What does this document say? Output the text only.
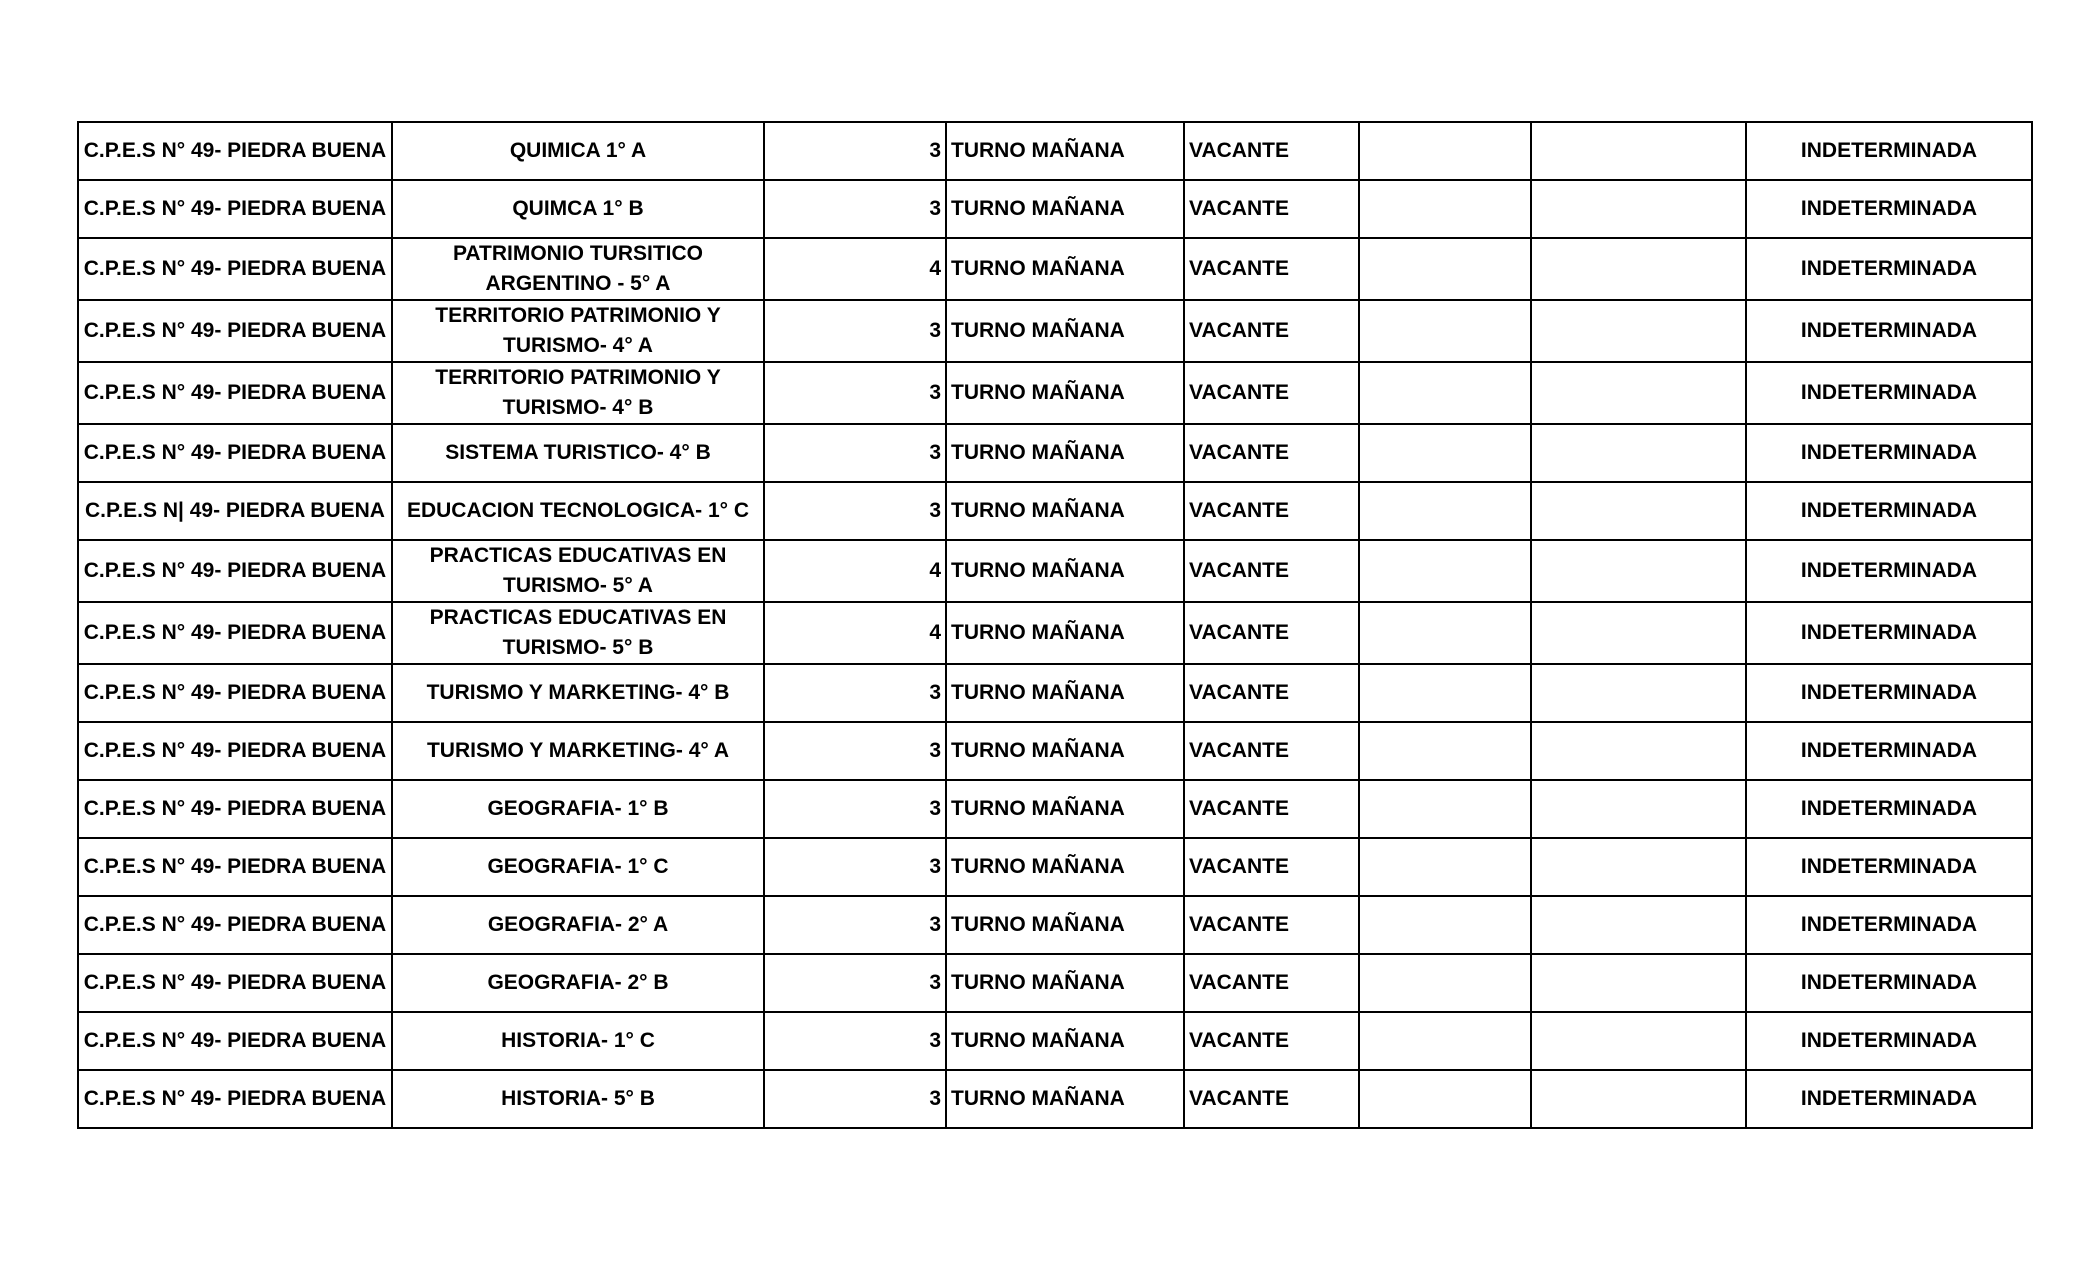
C.P.E.S N° 49- PIEDRA BUENA	QUIMICA 1° A	3	TURNO MAÑANA	VACANTE			INDETERMINADA
C.P.E.S N° 49- PIEDRA BUENA	QUIMCA 1° B	3	TURNO MAÑANA	VACANTE			INDETERMINADA
C.P.E.S N° 49- PIEDRA BUENA	PATRIMONIO TURSITICO ARGENTINO - 5° A	4	TURNO MAÑANA	VACANTE			INDETERMINADA
C.P.E.S N° 49- PIEDRA BUENA	TERRITORIO PATRIMONIO Y TURISMO- 4° A	3	TURNO MAÑANA	VACANTE			INDETERMINADA
C.P.E.S N° 49- PIEDRA BUENA	TERRITORIO PATRIMONIO Y TURISMO- 4° B	3	TURNO MAÑANA	VACANTE			INDETERMINADA
C.P.E.S N° 49- PIEDRA BUENA	SISTEMA TURISTICO- 4° B	3	TURNO MAÑANA	VACANTE			INDETERMINADA
C.P.E.S N| 49- PIEDRA BUENA	EDUCACION TECNOLOGICA- 1° C	3	TURNO MAÑANA	VACANTE			INDETERMINADA
C.P.E.S N° 49- PIEDRA BUENA	PRACTICAS EDUCATIVAS EN TURISMO- 5° A	4	TURNO MAÑANA	VACANTE			INDETERMINADA
C.P.E.S N° 49- PIEDRA BUENA	PRACTICAS EDUCATIVAS EN TURISMO- 5° B	4	TURNO MAÑANA	VACANTE			INDETERMINADA
C.P.E.S N° 49- PIEDRA BUENA	TURISMO Y MARKETING- 4° B	3	TURNO MAÑANA	VACANTE			INDETERMINADA
C.P.E.S N° 49- PIEDRA BUENA	TURISMO Y MARKETING- 4° A	3	TURNO MAÑANA	VACANTE			INDETERMINADA
C.P.E.S N° 49- PIEDRA BUENA	GEOGRAFIA- 1° B	3	TURNO MAÑANA	VACANTE			INDETERMINADA
C.P.E.S N° 49- PIEDRA BUENA	GEOGRAFIA- 1° C	3	TURNO MAÑANA	VACANTE			INDETERMINADA
C.P.E.S N° 49- PIEDRA BUENA	GEOGRAFIA- 2° A	3	TURNO MAÑANA	VACANTE			INDETERMINADA
C.P.E.S N° 49- PIEDRA BUENA	GEOGRAFIA- 2° B	3	TURNO MAÑANA	VACANTE			INDETERMINADA
C.P.E.S N° 49- PIEDRA BUENA	HISTORIA- 1° C	3	TURNO MAÑANA	VACANTE			INDETERMINADA
C.P.E.S N° 49- PIEDRA BUENA	HISTORIA- 5° B	3	TURNO MAÑANA	VACANTE			INDETERMINADA
